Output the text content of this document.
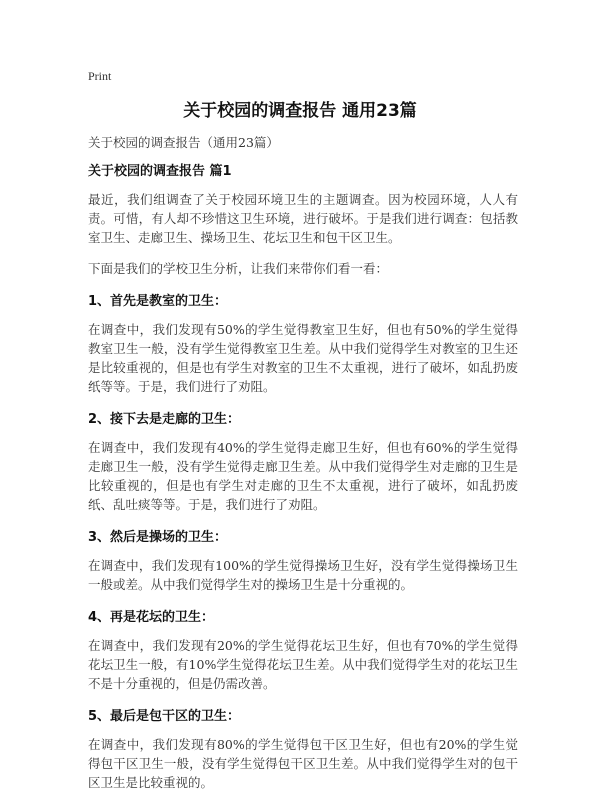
Print
关于校园的调查报告 通用23篇
关于校园的调查报告（通用23篇）
关于校园的调查报告 篇1

最近，我们组调查了关于校园环境卫生的主题调查。因为校园环境，人人有责。可惜，有人却不珍惜这卫生环境，进行破坏。于是我们进行调查：包括教室卫生、走廊卫生、操场卫生、花坛卫生和包干区卫生。

下面是我们的学校卫生分析，让我们来带你们看一看：

1、首先是教室的卫生：

在调查中，我们发现有50%的学生觉得教室卫生好，但也有50%的学生觉得教室卫生一般，没有学生觉得教室卫生差。从中我们觉得学生对教室的卫生还是比较重视的，但是也有学生对教室的卫生不太重视，进行了破坏，如乱扔废纸等等。于是，我们进行了劝阻。

2、接下去是走廊的卫生：

在调查中，我们发现有40%的学生觉得走廊卫生好，但也有60%的学生觉得走廊卫生一般，没有学生觉得走廊卫生差。从中我们觉得学生对走廊的卫生是比较重视的，但是也有学生对走廊的卫生不太重视，进行了破坏，如乱扔废纸、乱吐痰等等。于是，我们进行了劝阻。

3、然后是操场的卫生：

在调查中，我们发现有100%的学生觉得操场卫生好，没有学生觉得操场卫生一般或差。从中我们觉得学生对的操场卫生是十分重视的。

4、再是花坛的卫生：

在调查中，我们发现有20%的学生觉得花坛卫生好，但也有70%的学生觉得花坛卫生一般，有10%学生觉得花坛卫生差。从中我们觉得学生对的花坛卫生不是十分重视的，但是仍需改善。

5、最后是包干区的卫生：

在调查中，我们发现有80%的学生觉得包干区卫生好，但也有20%的学生觉得包干区卫生一般，没有学生觉得包干区卫生差。从中我们觉得学生对的包干区卫生是比较重视的。
